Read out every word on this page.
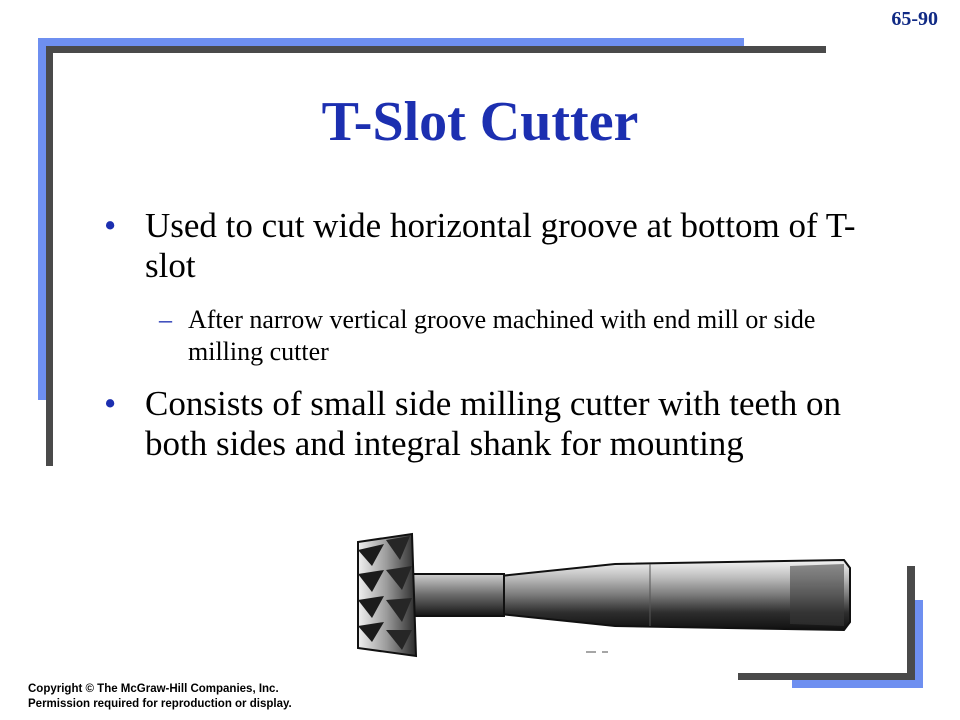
65-90
T-Slot Cutter
• Used to cut wide horizontal groove at bottom of T-slot
– After narrow vertical groove machined with end mill or side milling cutter
• Consists of small side milling cutter with teeth on both sides and integral shank for mounting
Copyright © The McGraw-Hill Companies, Inc.
Permission required for reproduction or display.
